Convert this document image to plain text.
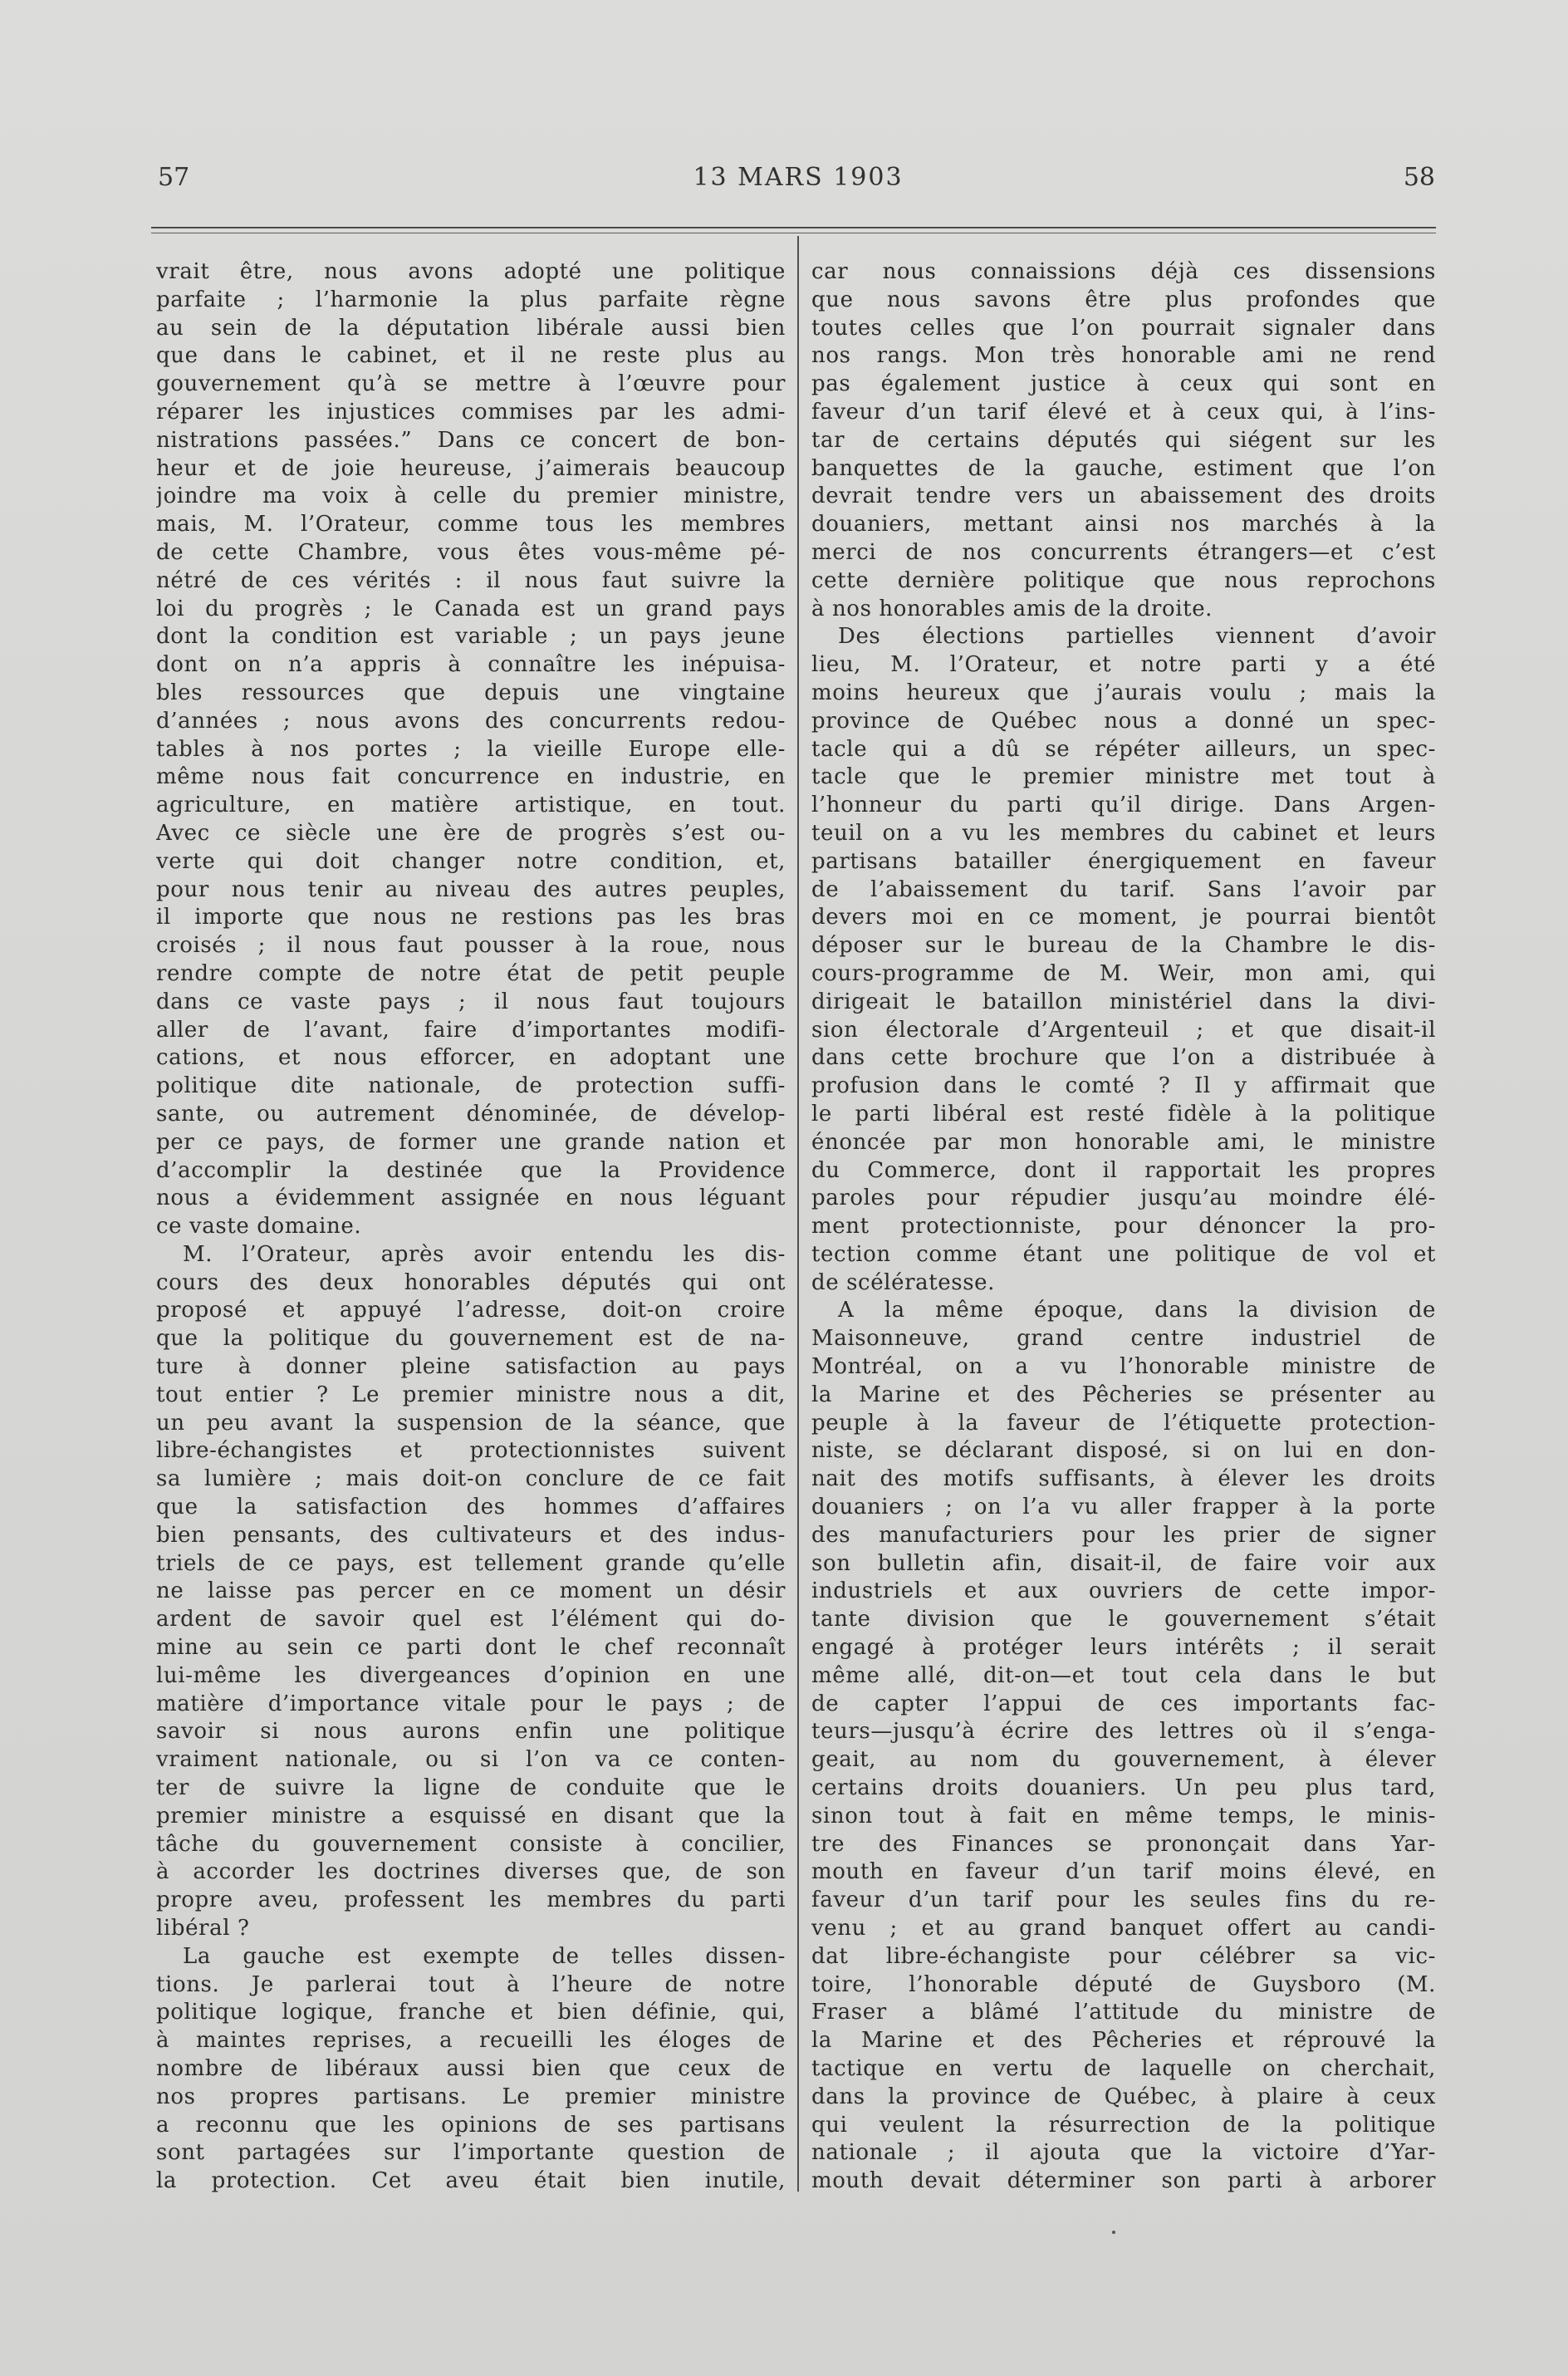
57	13 MARS 1903	58
vrait être, nous avons adopté une politique
parfaite ; l’harmonie la plus parfaite règne
au sein de la députation libérale aussi bien
que dans le cabinet, et il ne reste plus au
gouvernement qu’à se mettre à l’œuvre pour
réparer les injustices commises par les admi-
nistrations passées.” Dans ce concert de bon-
heur et de joie heureuse, j’aimerais beaucoup
joindre ma voix à celle du premier ministre,
mais, M. l’Orateur, comme tous les membres
de cette Chambre, vous êtes vous-même pé-
nétré de ces vérités : il nous faut suivre la
loi du progrès ; le Canada est un grand pays
dont la condition est variable ; un pays jeune
dont on n’a appris à connaître les inépuisa-
bles ressources que depuis une vingtaine
d’années ; nous avons des concurrents redou-
tables à nos portes ; la vieille Europe elle-
même nous fait concurrence en industrie, en
agriculture, en matière artistique, en tout.
Avec ce siècle une ère de progrès s’est ou-
verte qui doit changer notre condition, et,
pour nous tenir au niveau des autres peuples,
il importe que nous ne restions pas les bras
croisés ; il nous faut pousser à la roue, nous
rendre compte de notre état de petit peuple
dans ce vaste pays ; il nous faut toujours
aller de l’avant, faire d’importantes modifi-
cations, et nous efforcer, en adoptant une
politique dite nationale, de protection suffi-
sante, ou autrement dénominée, de dévelop-
per ce pays, de former une grande nation et
d’accomplir la destinée que la Providence
nous a évidemment assignée en nous léguant
ce vaste domaine.
M. l’Orateur, après avoir entendu les dis-
cours des deux honorables députés qui ont
proposé et appuyé l’adresse, doit-on croire
que la politique du gouvernement est de na-
ture à donner pleine satisfaction au pays
tout entier ? Le premier ministre nous a dit,
un peu avant la suspension de la séance, que
libre-échangistes et protectionnistes suivent
sa lumière ; mais doit-on conclure de ce fait
que la satisfaction des hommes d’affaires
bien pensants, des cultivateurs et des indus-
triels de ce pays, est tellement grande qu’elle
ne laisse pas percer en ce moment un désir
ardent de savoir quel est l’élément qui do-
mine au sein ce parti dont le chef reconnaît
lui-même les divergeances d’opinion en une
matière d’importance vitale pour le pays ; de
savoir si nous aurons enfin une politique
vraiment nationale, ou si l’on va ce conten-
ter de suivre la ligne de conduite que le
premier ministre a esquissé en disant que la
tâche du gouvernement consiste à concilier,
à accorder les doctrines diverses que, de son
propre aveu, professent les membres du parti
libéral ?
La gauche est exempte de telles dissen-
tions. Je parlerai tout à l’heure de notre
politique logique, franche et bien définie, qui,
à maintes reprises, a recueilli les éloges de
nombre de libéraux aussi bien que ceux de
nos propres partisans. Le premier ministre
a reconnu que les opinions de ses partisans
sont partagées sur l’importante question de
la protection. Cet aveu était bien inutile,
car nous connaissions déjà ces dissensions
que nous savons être plus profondes que
toutes celles que l’on pourrait signaler dans
nos rangs. Mon très honorable ami ne rend
pas également justice à ceux qui sont en
faveur d’un tarif élevé et à ceux qui, à l’ins-
tar de certains députés qui siégent sur les
banquettes de la gauche, estiment que l’on
devrait tendre vers un abaissement des droits
douaniers, mettant ainsi nos marchés à la
merci de nos concurrents étrangers—et c’est
cette dernière politique que nous reprochons
à nos honorables amis de la droite.
Des élections partielles viennent d’avoir
lieu, M. l’Orateur, et notre parti y a été
moins heureux que j’aurais voulu ; mais la
province de Québec nous a donné un spec-
tacle qui a dû se répéter ailleurs, un spec-
tacle que le premier ministre met tout à
l’honneur du parti qu’il dirige. Dans Argen-
teuil on a vu les membres du cabinet et leurs
partisans batailler énergiquement en faveur
de l’abaissement du tarif. Sans l’avoir par
devers moi en ce moment, je pourrai bientôt
déposer sur le bureau de la Chambre le dis-
cours-programme de M. Weir, mon ami, qui
dirigeait le bataillon ministériel dans la divi-
sion électorale d’Argenteuil ; et que disait-il
dans cette brochure que l’on a distribuée à
profusion dans le comté ? Il y affirmait que
le parti libéral est resté fidèle à la politique
énoncée par mon honorable ami, le ministre
du Commerce, dont il rapportait les propres
paroles pour répudier jusqu’au moindre élé-
ment protectionniste, pour dénoncer la pro-
tection comme étant une politique de vol et
de scélératesse.
A la même époque, dans la division de
Maisonneuve, grand centre industriel de
Montréal, on a vu l’honorable ministre de
la Marine et des Pêcheries se présenter au
peuple à la faveur de l’étiquette protection-
niste, se déclarant disposé, si on lui en don-
nait des motifs suffisants, à élever les droits
douaniers ; on l’a vu aller frapper à la porte
des manufacturiers pour les prier de signer
son bulletin afin, disait-il, de faire voir aux
industriels et aux ouvriers de cette impor-
tante division que le gouvernement s’était
engagé à protéger leurs intérêts ; il serait
même allé, dit-on—et tout cela dans le but
de capter l’appui de ces importants fac-
teurs—jusqu’à écrire des lettres où il s’enga-
geait, au nom du gouvernement, à élever
certains droits douaniers. Un peu plus tard,
sinon tout à fait en même temps, le minis-
tre des Finances se prononçait dans Yar-
mouth en faveur d’un tarif moins élevé, en
faveur d’un tarif pour les seules fins du re-
venu ; et au grand banquet offert au candi-
dat libre-échangiste pour célébrer sa vic-
toire, l’honorable député de Guysboro (M.
Fraser a blâmé l’attitude du ministre de
la Marine et des Pêcheries et réprouvé la
tactique en vertu de laquelle on cherchait,
dans la province de Québec, à plaire à ceux
qui veulent la résurrection de la politique
nationale ; il ajouta que la victoire d’Yar-
mouth devait déterminer son parti à arborer
